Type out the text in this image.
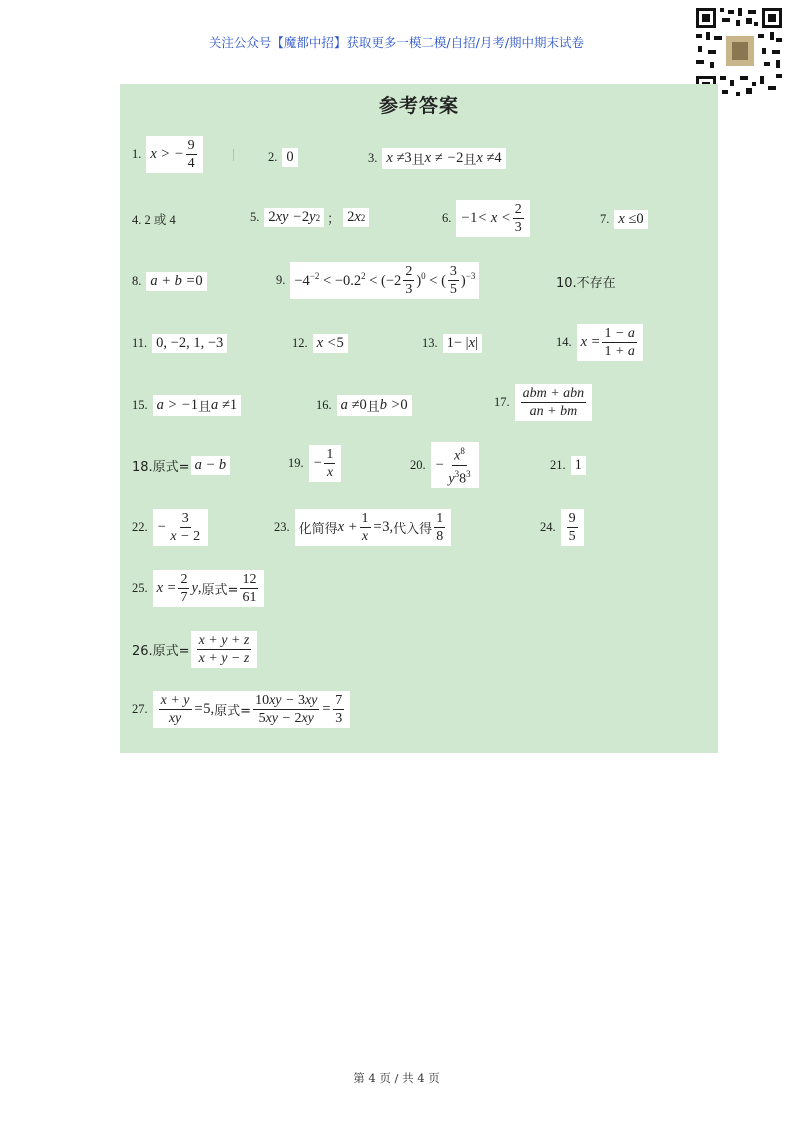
关注公众号【魔都中招】获取更多一模二模/自招/月考/期中期末试卷
参考答案
1. x > − $\frac{9}{4}$	2. 0	3. x ≠ 3 且 x ≠ − 2 且 x ≠ 4
4. 2 或 4	5. 2 xy − 2 y 2 ； 2 x 2	6. − $1 < x < \frac{2}{3}$	7. x ≤ 0
8. a + b = 0	9. $-4^{-2} < -0.2^2 < (-2 \frac{2}{3} )^0$ < ( $\frac{3}{5} )^{-3}$	10.不存在
11. 0, −2, 1, −3	12. x < 5	13. 1− | x |	14. $x = \frac{1 - a}{1 + a}$
15. a > − 1 且 a ≠ 1	16. a ≠ 0 且 b > 0	17. $\frac{\text{abm + abn}}{an + bm}$
18.原式= a − b	19. − $\frac{1}{x}$	20. − $\frac{x^8}{y^38^3}$	21. 1
22. − $\frac{3}{x - 2}$	23. 化简得 $x + \frac{1}{x} = 3$, 代入得 $\frac{1}{8}$	24. $\frac{9}{5}$
25. $x = \frac{2}{7}$ y , 原式= $\frac{12}{61}$
26.原式= $\frac{x + y + z}{x + y - z}$
27. $\frac{x + y}{xy} = 5$, 原式= $\frac{10xy - 3xy}{5xy - 2xy} = \frac{7}{3}$
第 4 页 / 共 4 页
